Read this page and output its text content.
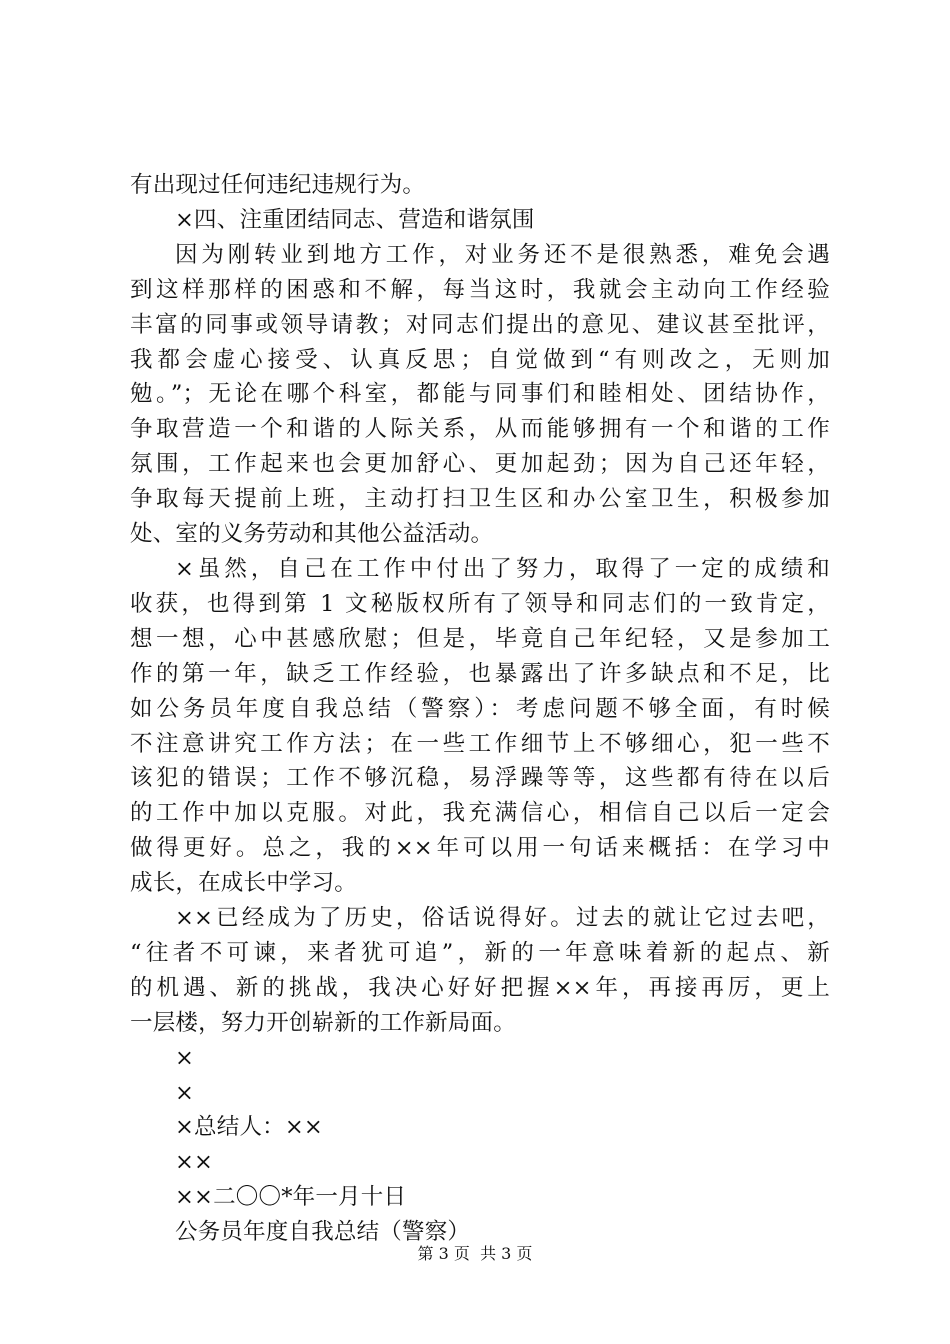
有出现过任何违纪违规行为。
×四、注重团结同志、营造和谐氛围
因为刚转业到地方工作，对业务还不是很熟悉，难免会遇
到这样那样的困惑和不解，每当这时，我就会主动向工作经验
丰富的同事或领导请教；对同志们提出的意见、建议甚至批评，
我都会虚心接受、认真反思；自觉做到“有则改之，无则加
勉。”；无论在哪个科室，都能与同事们和睦相处、团结协作，
争取营造一个和谐的人际关系，从而能够拥有一个和谐的工作
氛围，工作起来也会更加舒心、更加起劲；因为自己还年轻，
争取每天提前上班，主动打扫卫生区和办公室卫生，积极参加
处、室的义务劳动和其他公益活动。
×虽然，自己在工作中付出了努力，取得了一定的成绩和
收获，也得到第 1 文秘版权所有了领导和同志们的一致肯定，
想一想，心中甚感欣慰；但是，毕竟自己年纪轻，又是参加工
作的第一年，缺乏工作经验，也暴露出了许多缺点和不足，比
如公务员年度自我总结（警察）：考虑问题不够全面，有时候
不注意讲究工作方法；在一些工作细节上不够细心，犯一些不
该犯的错误；工作不够沉稳，易浮躁等等，这些都有待在以后
的工作中加以克服。对此，我充满信心，相信自己以后一定会
做得更好。总之，我的××年可以用一句话来概括：在学习中
成长，在成长中学习。
××已经成为了历史，俗话说得好。过去的就让它过去吧，
“往者不可谏，来者犹可追”，新的一年意味着新的起点、新
的机遇、新的挑战，我决心好好把握××年，再接再厉，更上
一层楼，努力开创崭新的工作新局面。
×
×
×总结人：××
××
××二〇〇*年一月十日
公务员年度自我总结（警察）
第 3 页  共 3 页
